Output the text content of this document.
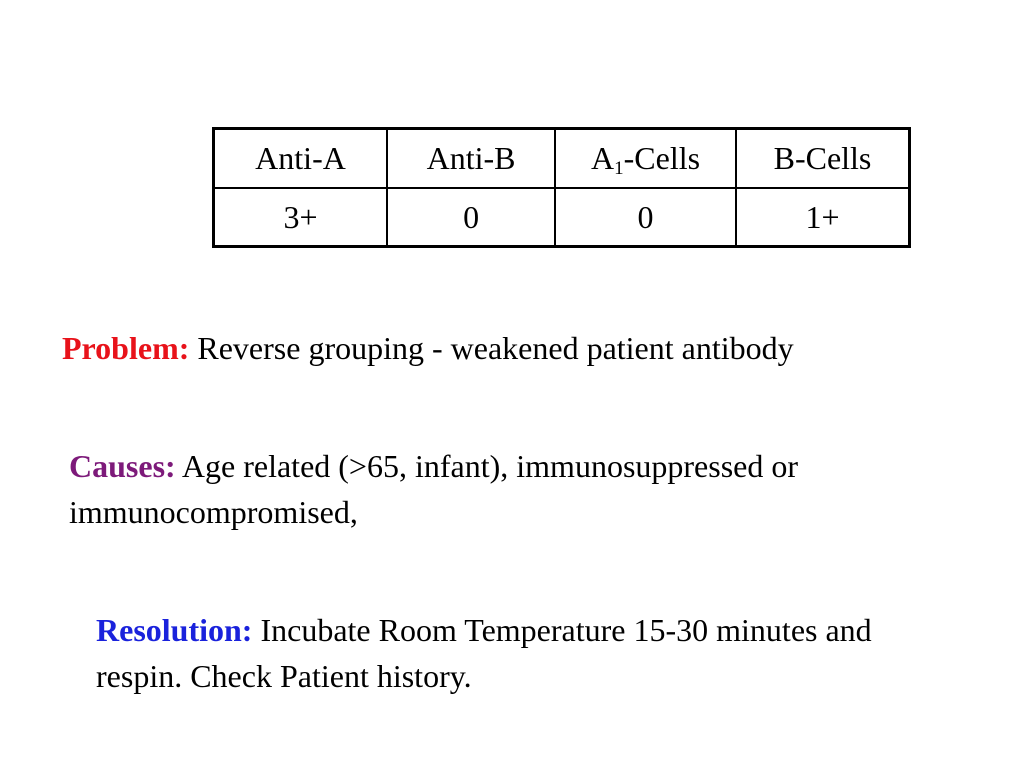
Anti-A	Anti-B	$A_1$-Cells	B-Cells
3+	0	0	1+

Problem: Reverse grouping - weakened patient antibody

Causes: Age related (>65, infant), immunosuppressed or immunocompromised,

Resolution: Incubate Room Temperature 15-30 minutes and respin. Check Patient history.
